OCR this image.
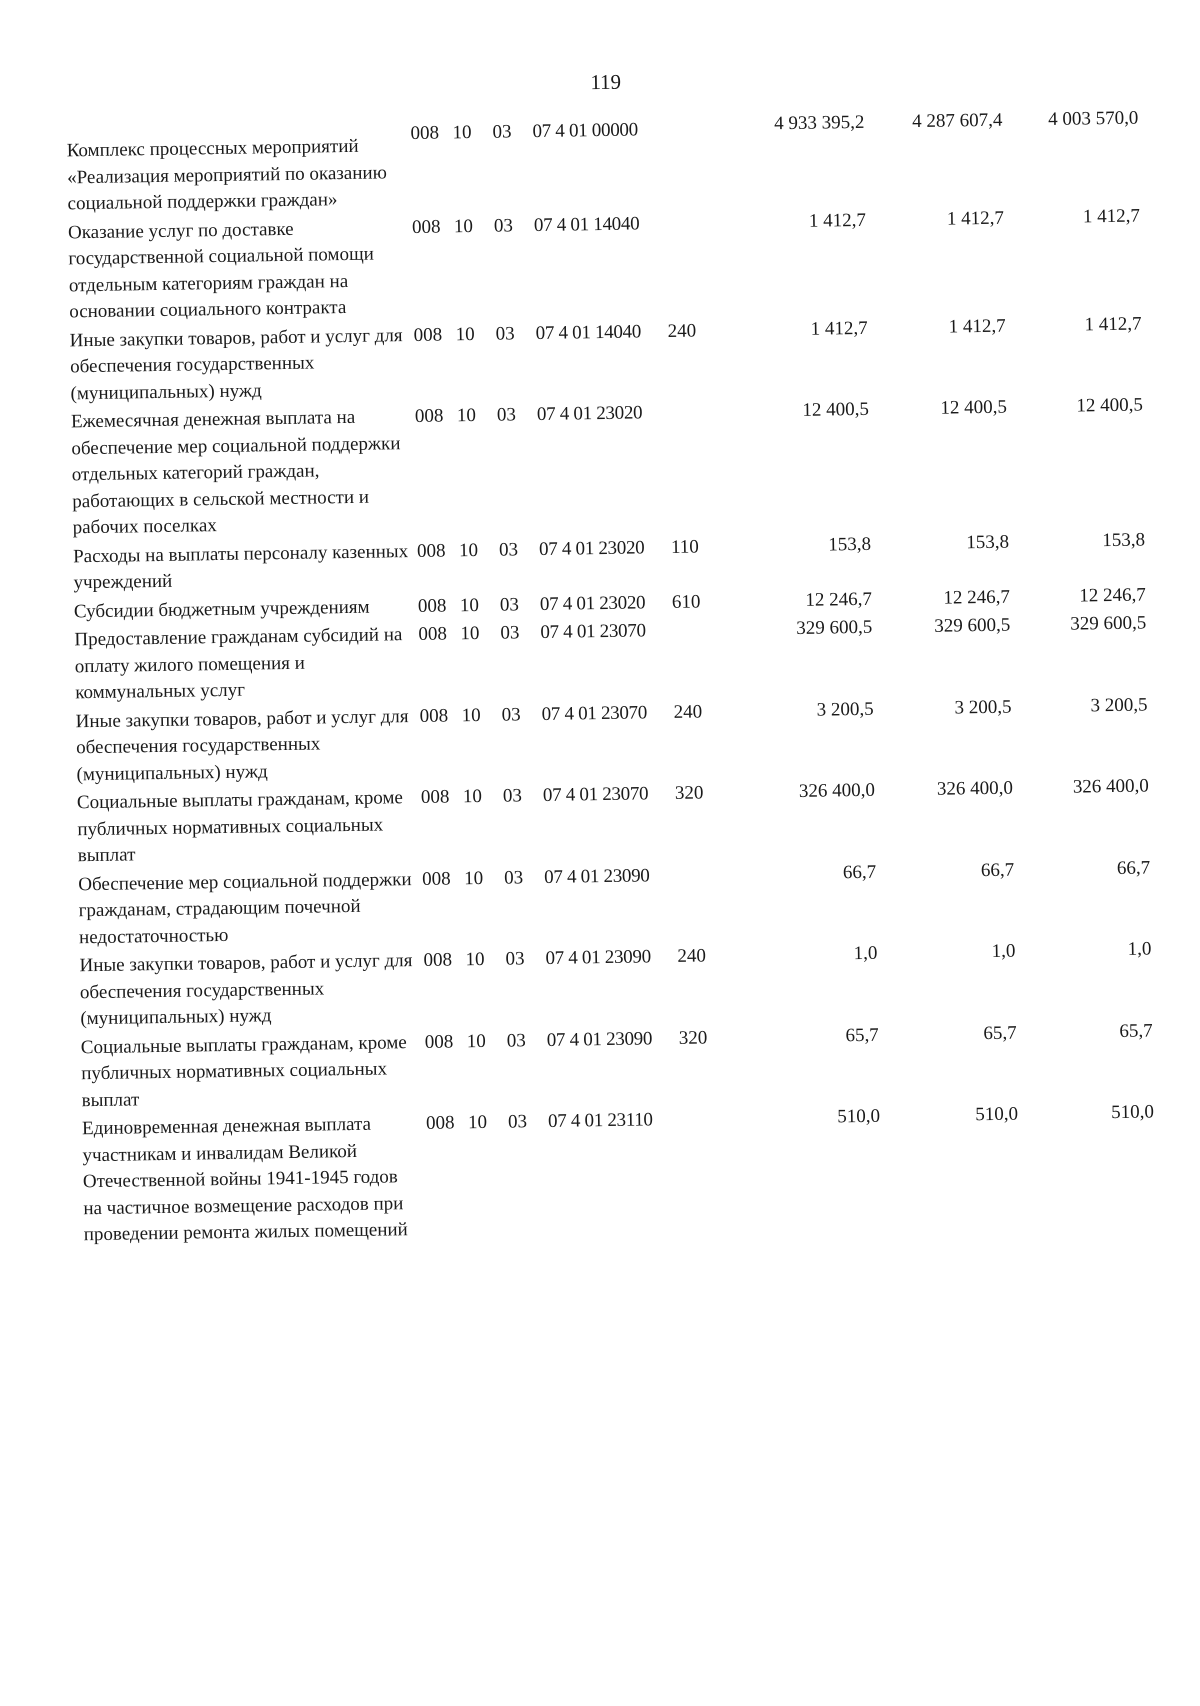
119
Комплекс процессных мероприятий «Реализация мероприятий по оказанию социальной поддержки граждан»
008 10	03	07 4 01 00000	4 933 395,2	4 287 607,4	4 003 570,0
Оказание услуг по доставке государственной социальной помощи отдельным категориям граждан на основании социального контракта
008 10	03	07 4 01 14040	1 412,7	1 412,7	1 412,7
Иные закупки товаров, работ и услуг для обеспечения государственных (муниципальных) нужд
008 10	03	07 4 01 14040	240	1 412,7	1 412,7	1 412,7
Ежемесячная денежная выплата на обеспечение мер социальной поддержки отдельных категорий граждан, работающих в сельской местности и рабочих поселках
008 10	03	07 4 01 23020	12 400,5	12 400,5	12 400,5
Расходы на выплаты персоналу казенных учреждений
008 10	03	07 4 01 23020	110	153,8	153,8	153,8
Субсидии бюджетным учреждениям	008 10	03	07 4 01 23020	610	12 246,7	12 246,7	12 246,7
Предоставление гражданам субсидий на оплату жилого помещения и коммунальных услуг
008 10	03	07 4 01 23070	329 600,5	329 600,5	329 600,5
Иные закупки товаров, работ и услуг для обеспечения государственных (муниципальных) нужд
008 10	03	07 4 01 23070	240	3 200,5	3 200,5	3 200,5
Социальные выплаты гражданам, кроме публичных нормативных социальных выплат
008 10	03	07 4 01 23070	320	326 400,0	326 400,0	326 400,0
Обеспечение мер социальной поддержки гражданам, страдающим почечной недостаточностью
008 10	03	07 4 01 23090	66,7	66,7	66,7
Иные закупки товаров, работ и услуг для обеспечения государственных (муниципальных) нужд
008 10	03	07 4 01 23090	240	1,0	1,0	1,0
Социальные выплаты гражданам, кроме публичных нормативных социальных выплат
008 10	03	07 4 01 23090	320	65,7	65,7	65,7
Единовременная денежная выплата участникам и инвалидам Великой Отечественной войны 1941-1945 годов на частичное возмещение расходов при проведении ремонта жилых помещений
008 10	03	07 4 01 23110	510,0	510,0	510,0
